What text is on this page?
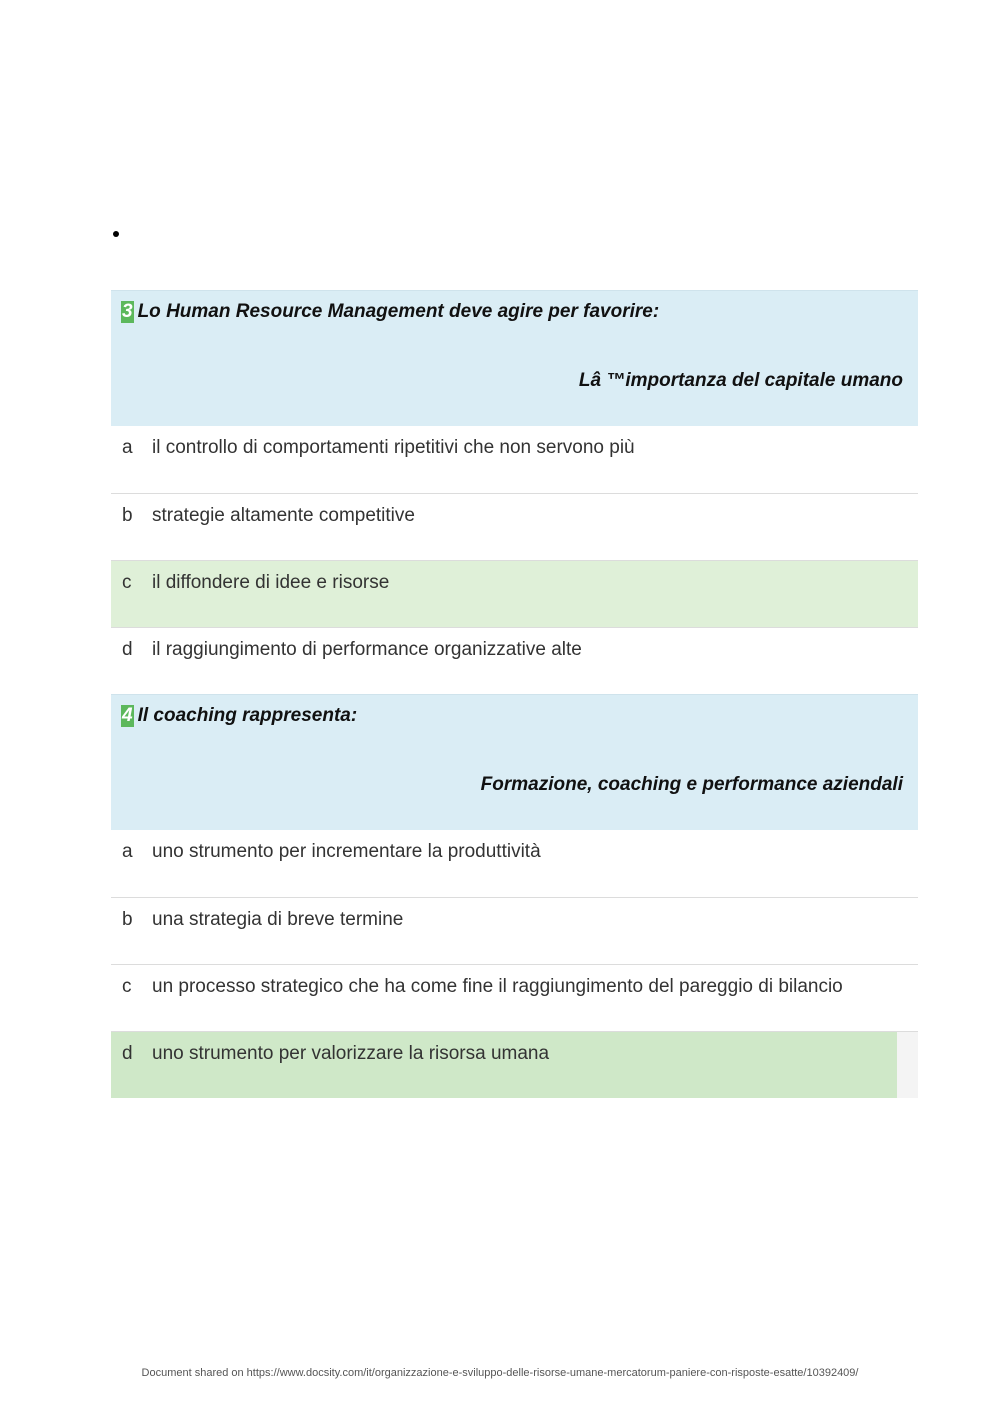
3 Lo Human Resource Management deve agire per favorire:
Lâ ™importanza del capitale umano
a il controllo di comportamenti ripetitivi che non servono più
b strategie altamente competitive
c il diffondere di idee e risorse
d il raggiungimento di performance organizzative alte
4 Il coaching rappresenta:
Formazione, coaching e performance aziendali
a uno strumento per incrementare la produttività
b una strategia di breve termine
c un processo strategico che ha come fine il raggiungimento del pareggio di bilancio
d uno strumento per valorizzare la risorsa umana
Document shared on https://www.docsity.com/it/organizzazione-e-sviluppo-delle-risorse-umane-mercatorum-paniere-con-risposte-esatte/10392409/
